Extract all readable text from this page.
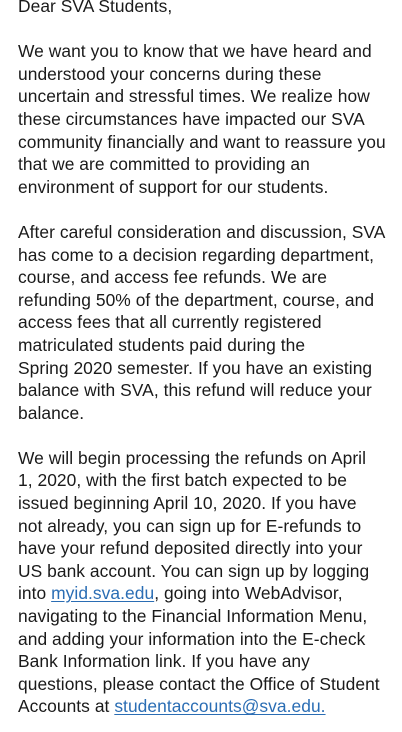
Dear SVA Students,
We want you to know that we have heard and
understood your concerns during these
uncertain and stressful times. We realize how
these circumstances have impacted our SVA
community financially and want to reassure you
that we are committed to providing an
environment of support for our students.
After careful consideration and discussion, SVA
has come to a decision regarding department,
course, and access fee refunds. We are
refunding 50% of the department, course, and
access fees that all currently registered
matriculated students paid during the
Spring 2020 semester. If you have an existing
balance with SVA, this refund will reduce your
balance.
We will begin processing the refunds on April
1, 2020, with the first batch expected to be
issued beginning April 10, 2020. If you have
not already, you can sign up for E-refunds to
have your refund deposited directly into your
US bank account. You can sign up by logging
into myid.sva.edu, going into WebAdvisor,
navigating to the Financial Information Menu,
and adding your information into the E-check
Bank Information link. If you have any
questions, please contact the Office of Student
Accounts at studentaccounts@sva.edu.
